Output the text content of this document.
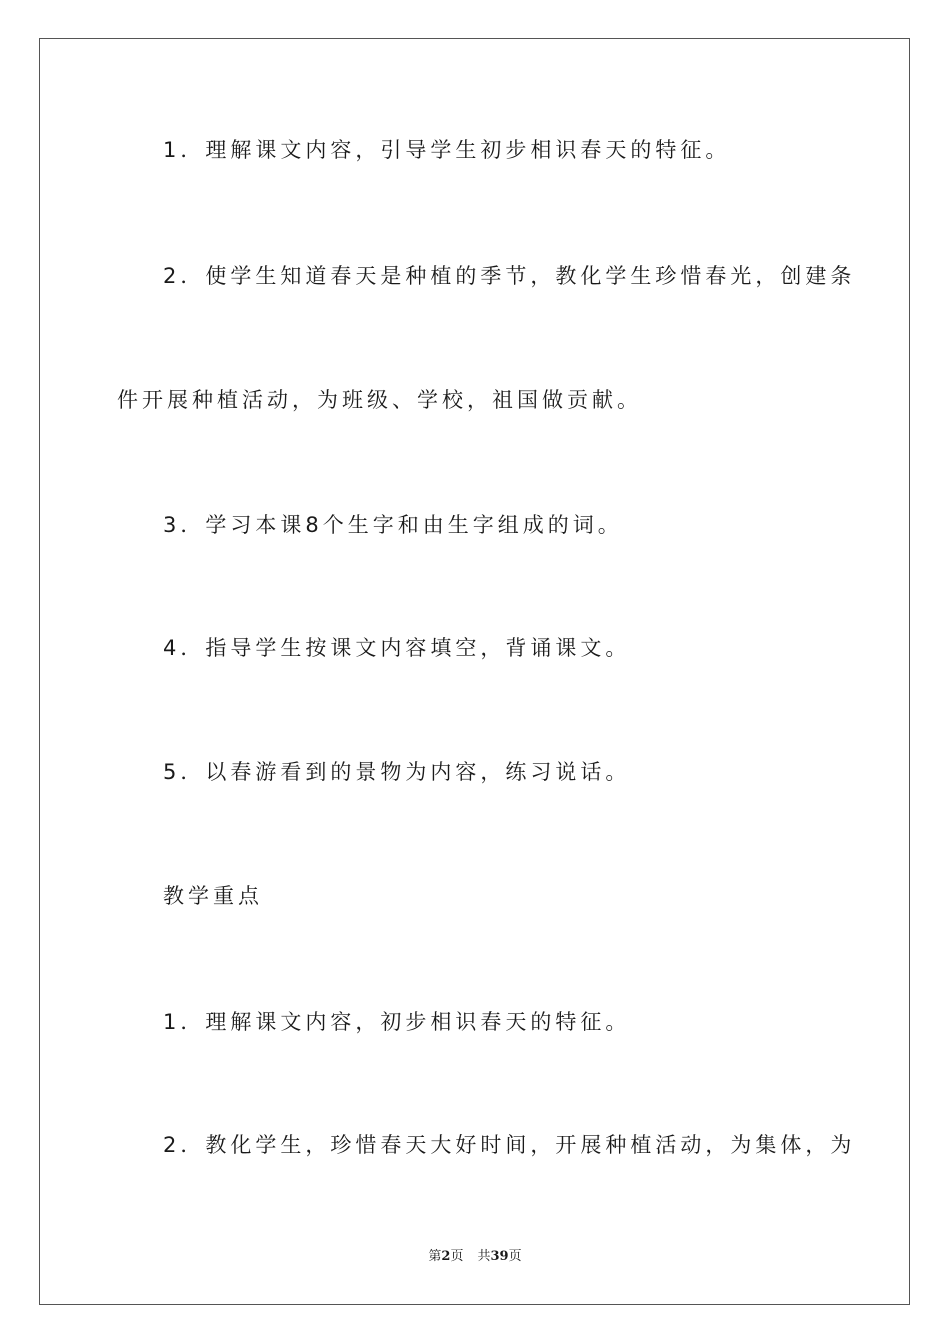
1．理解课文内容，引导学生初步相识春天的特征。
2．使学生知道春天是种植的季节，教化学生珍惜春光，创建条
件开展种植活动，为班级、学校，祖国做贡献。
3．学习本课8个生字和由生字组成的词。
4．指导学生按课文内容填空，背诵课文。
5．以春游看到的景物为内容，练习说话。
教学重点
1．理解课文内容，初步相识春天的特征。
2．教化学生，珍惜春天大好时间，开展种植活动，为集体，为
第2页 共39页
